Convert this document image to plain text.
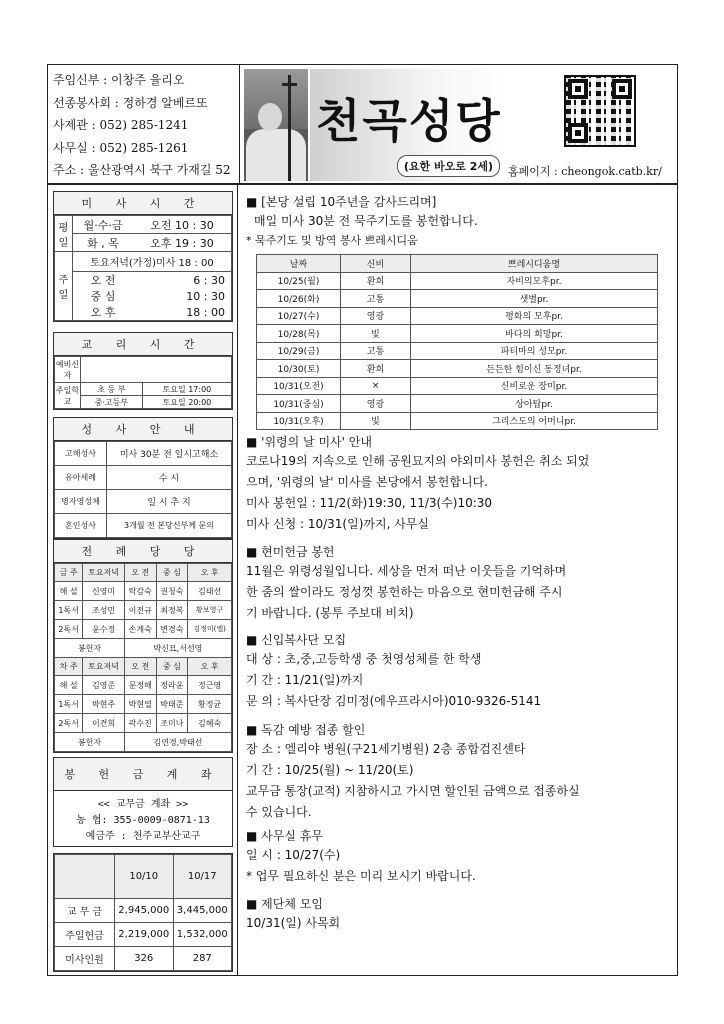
주임신부 : 이창주 율리오
선종봉사회 : 정하경 알베르또
사제관 : 052) 285-1241
사무실 : 052) 285-1261
주소 : 울산광역시 북구 가재길 52
천곡성당
(요한 바오로 2세)	홈페이지 : cheongok.catb.kr/
미 사 시 간
평일	월·수·금	오전 10 : 30
	화 , 목	오후 19 : 30
주일	토요저녁(가정)미사 18 : 00	
	오 전	6 : 30
	중 심	10 : 30
	오 후	18 : 00
교 리 시 간
예비신자		
주일학교	초 등 부	토요일 17:00
	중·고등부	토요일 20:00
성 사 안 내
고해성사	미사 30분 전 일시고해소
유아세례	수 시
병자영성체	일 시 추 지
혼인성사	3개월 전 본당신부께 문의
전 례 당 당
금 주	토요저녁	오 전	중 심	오 후
해 설	신영미	탁감숙	권청숙	김태선
1독서	조성민	이전규	최정복	황보영구
2독서	윤수정	손계숙	변경숙	김정미(엘)
봉헌자		박신묘,서선영		
차 주	토요저녁	오 전	중 심	오 후
해 설	김영준	문정해	정라윤	정근영
1독서	박현주	박현열	박태준	황정균
2독서	이견희	곽수진	조미나	김혜숙
봉헌자		김연경,박태선		
봉 헌 금 계 좌
<< 교무금 계좌 >>
농 협: 355-0009-0871-13
예금주 : 천주교부산교구
	10/10	10/17
교 무 금	2,945,000	3,445,000
주일헌금	2,219,000	1,532,000
미사인원	326	287
■ [본당 설립 10주년을 감사드리며]
매일 미사 30분 전 묵주기도를 봉헌합니다.
* 묵주기도 및 방역 봉사 쁘레시디움
날짜	신비	쁘레시디움명
10/25(월)	환희	자비의모후pr.
10/26(화)	고통	샛별pr.
10/27(수)	영광	평화의 모후pr.
10/28(목)	빛	바다의 희망pr.
10/29(금)	고통	파티마의 성모pr.
10/30(토)	환희	든든한 힘이신 동정녀pr.
10/31(오전)	×	신비로운 장미pr.
10/31(중심)	영광	상아탑pr.
10/31(오후)	빛	그리스도의 어머니pr.
■ '위령의 날 미사' 안내
코로나19의 지속으로 인해 공원묘지의 야외미사 봉헌은 취소 되었
으며, '위령의 날' 미사를 본당에서 봉헌합니다.
미사 봉헌일 : 11/2(화)19:30, 11/3(수)10:30
미사 신청 : 10/31(일)까지, 사무실
■ 현미헌금 봉헌
11월은 위령성월입니다. 세상을 먼저 떠난 이웃들을 기억하며
한 줌의 쌀이라도 정성껏 봉헌하는 마음으로 현미헌금해 주시
기 바랍니다. (봉투 주보대 비치)
■ 신입복사단 모집
대 상 : 초,중,고등학생 중 첫영성체를 한 학생
기 간 : 11/21(일)까지
문 의 : 복사단장 김미정(에우프라시아)010-9326-5141
■ 독감 예방 접종 할인
장 소 : 엘리야 병원(구21세기병원) 2층 종합검진센타
기 간 : 10/25(월) ~ 11/20(토)
교무금 통장(교적) 지참하시고 가시면 할인된 금액으로 접종하실
수 있습니다.
■ 사무실 휴무
일 시 : 10/27(수)
* 업무 필요하신 분은 미리 보시기 바랍니다.
■ 제단체 모임
10/31(일) 사목회
